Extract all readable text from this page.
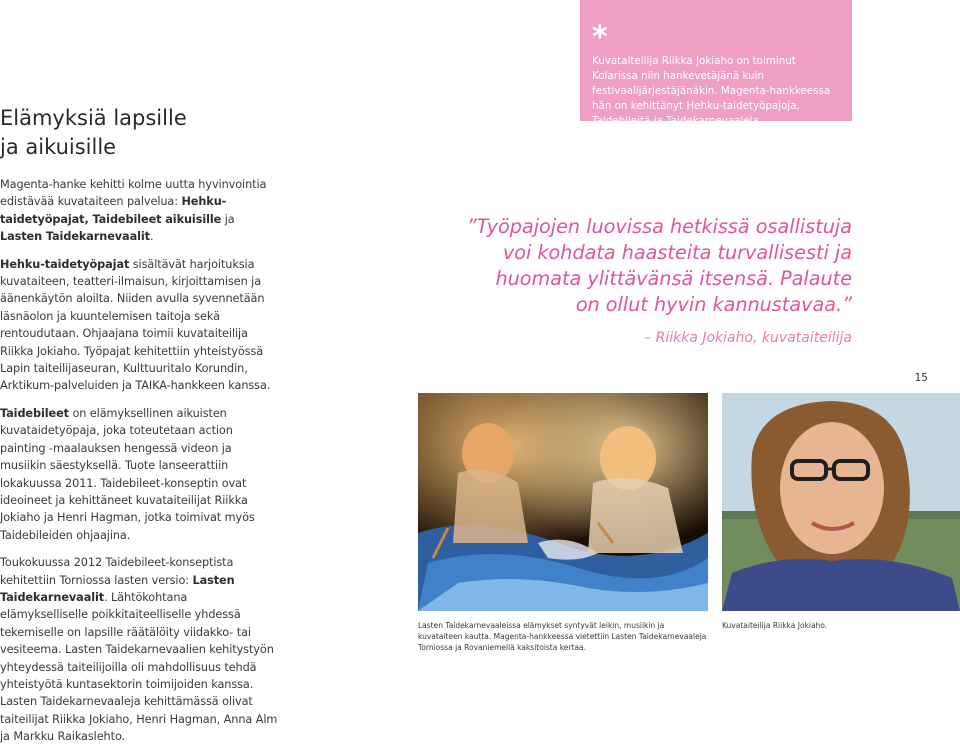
Elämyksiä lapsille
ja aikuisille

Magenta-hanke kehitti kolme uutta hyvinvointia edistävää kuvataiteen palvelua: Hehku-taidetyöpajat, Taidebileet aikuisille ja Lasten Taidekarnevaalit.

Hehku-taidetyöpajat sisältävät harjoituksia kuvataiteen, teatteri-ilmaisun, kirjoittamisen ja äänenkäytön aloilta. Niiden avulla syvennetään läsnäolon ja kuuntelemisen taitoja sekä rentoudutaan. Ohjaajana toimii kuvataiteilija Riikka Jokiaho. Työpajat kehitettiin yhteistyössä Lapin taiteilijaseuran, Kulttuuritalo Korundin, Arktikum-palveluiden ja TAIKA-hankkeen kanssa.

Taidebileet on elämyksellinen aikuisten kuvataidetyöpaja, joka toteutetaan action painting -maalauksen hengessä videon ja musiikin säestyksellä. Tuote lanseerattiin lokakuussa 2011. Taidebileet-konseptin ovat ideoineet ja kehittäneet kuvataiteilijat Riikka Jokiaho ja Henri Hagman, jotka toimivat myös Taidebileiden ohjaajina.

Toukokuussa 2012 Taidebileet-konseptista kehitettiin Torniossa lasten versio: Lasten Taidekarnevaalit. Lähtökohtana elämykselliselle poikkitaiteelliselle yhdessä tekemiselle on lapsille räätälöity viidakko- tai vesiteema. Lasten Taidekarnevaalien kehitystyön yhteydessä taiteilijoilla oli mahdollisuus tehdä yhteistyötä kuntasektorin toimijoiden kanssa. Lasten Taidekarnevaaleja kehittämässä olivat taiteilijat Riikka Jokiaho, Henri Hagman, Anna Alm ja Markku Raikaslehto.

*
Kuvataiteilija Riikka Jokiaho on toiminut Kolarissa niin hankevetäjänä kuin festivaalijärjestäjänäkin. Magenta-hankkeessa hän on kehittänyt Hehku-taidetyöpajoja, Taidebileitä ja Taidekarnevaaleja.
”Työpajojen luovissa hetkissä osallistuja
voi kohdata haasteita turvallisesti ja
huomata ylittävänsä itsensä. Palaute
on ollut hyvin kannustavaa.”
– Riikka Jokiaho, kuvataiteilija
15
Lasten Taidekarnevaaleissa elämykset syntyvät leikin, musiikin ja kuvataiteen kautta. Magenta-hankkeessa vietettiin Lasten Taidekarnevaaleja Torniossa ja Rovaniemellä kaksitoista kertaa.
Kuvataiteilija Riikka Jokiaho.
